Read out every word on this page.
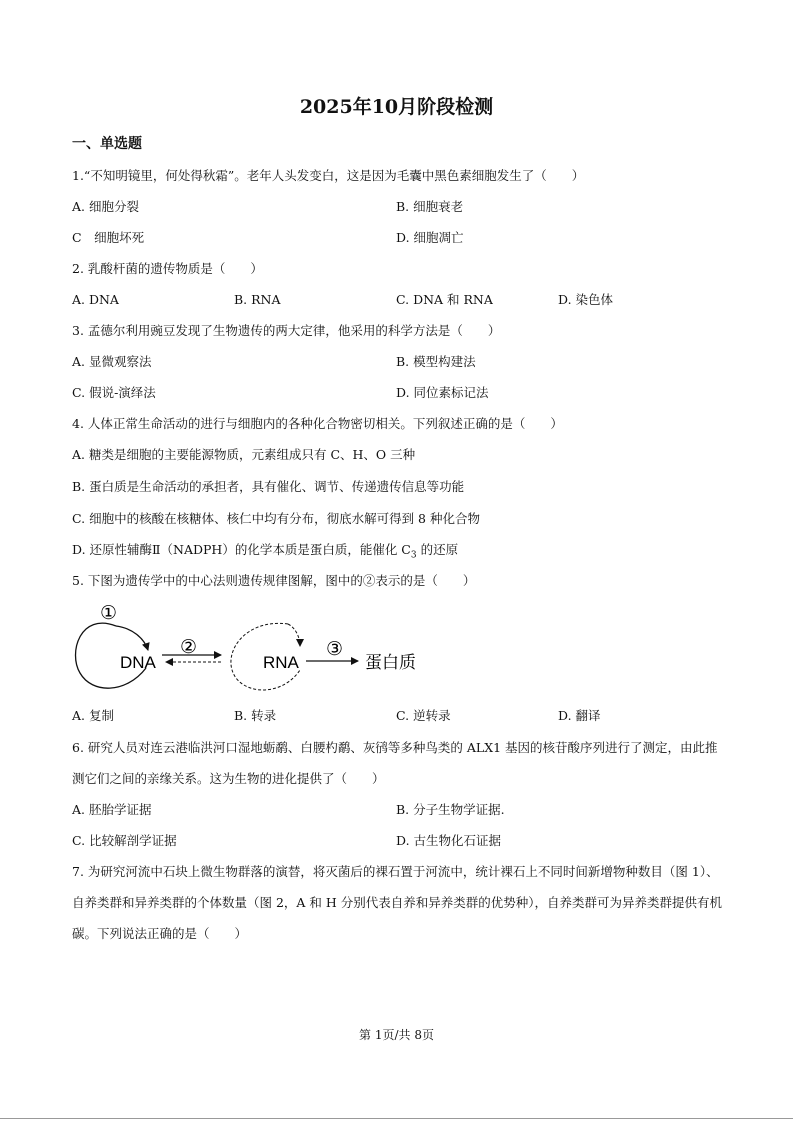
2025年10月阶段检测
一、单选题
1.“不知明镜里，何处得秋霜”。老年人头发变白，这是因为毛囊中黑色素细胞发生了（　　）
A. 细胞分裂	B. 细胞衰老
C　细胞坏死	D. 细胞凋亡
2. 乳酸杆菌的遗传物质是（　　）
A. DNA	B. RNA	C. DNA 和 RNA	D. 染色体
3. 孟德尔利用豌豆发现了生物遗传的两大定律，他采用的科学方法是（　　）
A. 显微观察法	B. 模型构建法
C. 假说-演绎法	D. 同位素标记法
4. 人体正常生命活动的进行与细胞内的各种化合物密切相关。下列叙述正确的是（　　）
A. 糖类是细胞的主要能源物质，元素组成只有 C、H、O 三种
B. 蛋白质是生命活动的承担者，具有催化、调节、传递遗传信息等功能
C. 细胞中的核酸在核糖体、核仁中均有分布，彻底水解可得到 8 种化合物
D. 还原性辅酶Ⅱ（NADPH）的化学本质是蛋白质，能催化 $C_3$ 的还原
5. 下图为遗传学中的中心法则遗传规律图解，图中的②表示的是（　　）
①
②	③
DNA	RNA	蛋白质
A. 复制	B. 转录	C. 逆转录	D. 翻译
6. 研究人员对连云港临洪河口湿地蛎鹬、白腰杓鹬、灰鸻等多种鸟类的 ALX1 基因的核苷酸序列进行了测定，由此推测它们之间的亲缘关系。这为生物的进化提供了（　　）
A. 胚胎学证据	B. 分子生物学证据.
C. 比较解剖学证据	D. 古生物化石证据
7. 为研究河流中石块上微生物群落的演替，将灭菌后的裸石置于河流中，统计裸石上不同时间新增物种数目（图 1）、自养类群和异养类群的个体数量（图 2，A 和 H 分别代表自养和异养类群的优势种），自养类群可为异养类群提供有机碳。下列说法正确的是（　　）
第 1页/共 8页
